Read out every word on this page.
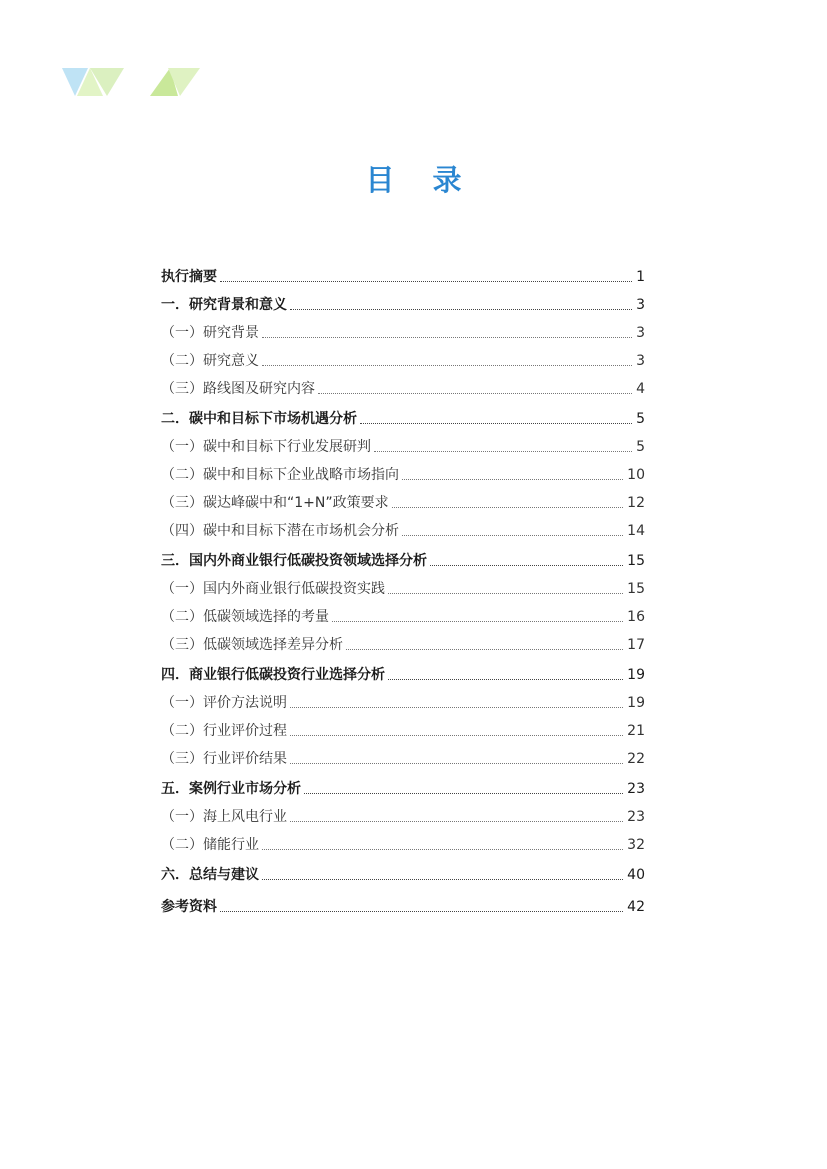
目 录
执行摘要	1
一．研究背景和意义	3
（一）研究背景	3
（二）研究意义	3
（三）路线图及研究内容	4
二．碳中和目标下市场机遇分析	5
（一）碳中和目标下行业发展研判	5
（二）碳中和目标下企业战略市场指向	10
（三）碳达峰碳中和“1+N”政策要求	12
（四）碳中和目标下潜在市场机会分析	14
三．国内外商业银行低碳投资领域选择分析	15
（一）国内外商业银行低碳投资实践	15
（二）低碳领域选择的考量	16
（三）低碳领域选择差异分析	17
四．商业银行低碳投资行业选择分析	19
（一）评价方法说明	19
（二）行业评价过程	21
（三）行业评价结果	22
五．案例行业市场分析	23
（一）海上风电行业	23
（二）储能行业	32
六．总结与建议	40
参考资料	42
